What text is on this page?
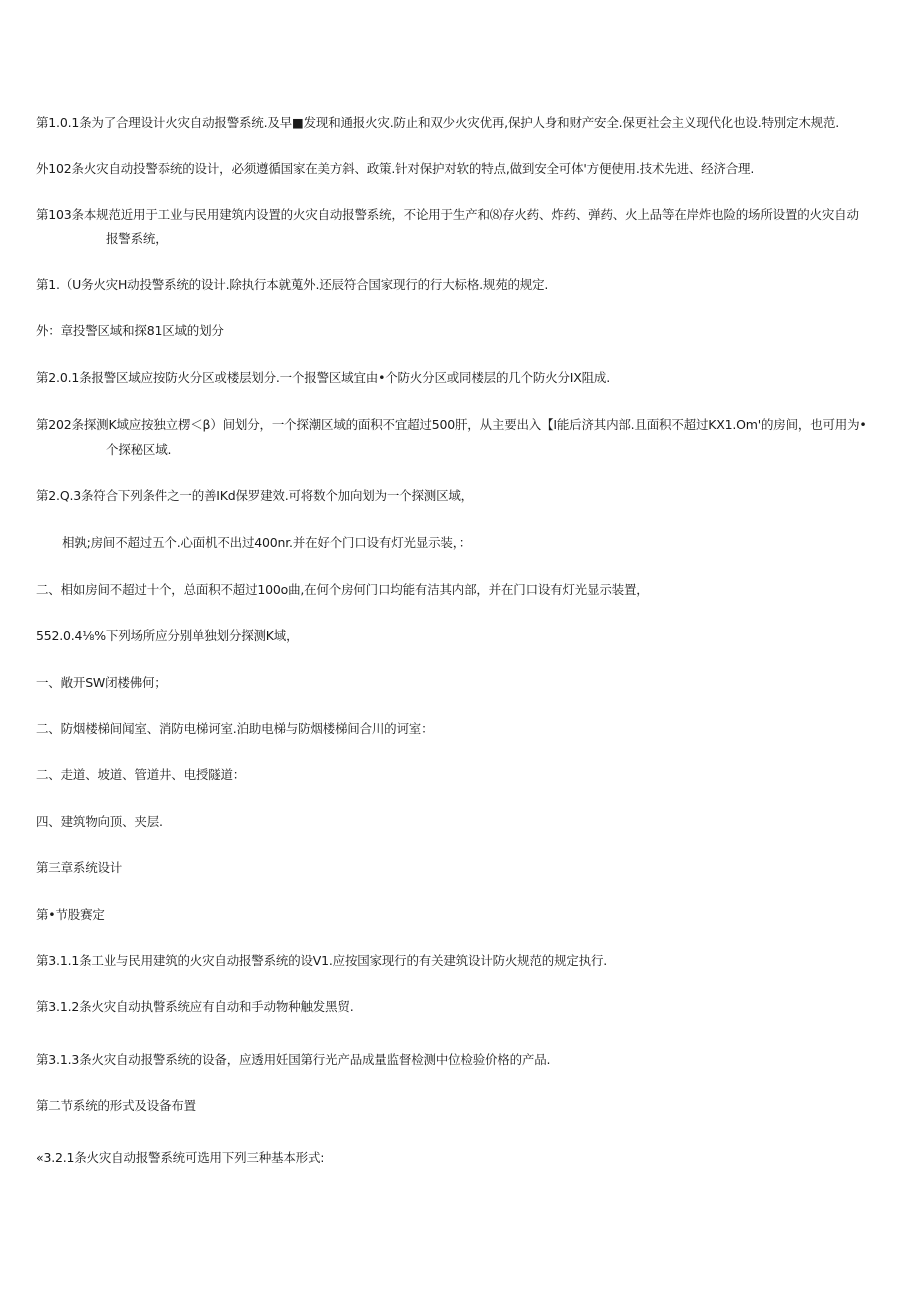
第1.0.1条为了合理设计火灾自动报警系统.及早■发现和通报火灾.防止和双少火灾优再,保护人身和财产安全.保更社会主义现代化也设.特別定木规范.
外102条火灾自动投警忝统的设计，必须遵循国家在美方斜、政策.针对保护对软的特点,做到安全可体'方便使用.技术先进、经济合理.
第103条本规范近用于工业与民用建筑内设置的火灾自动报警系统，不论用于生产和⑻存火药、炸药、弹药、火上品等在岸炸也险的场所设置的火灾自动
报警系统，
第1.（U务火灾H动投警系统的设计.除执行本就蒐外.还辰符合国家现行的行大标格.规苑的规定.
外：章投警区域和探81区域的划分
第2.0.1条报警区域应按防火分区或楼层划分.一个报警区域宜由•个防火分区或同楼层的几个防火分IX阻成.
第202条探测K域应按独立楞＜β）间划分，一个探潮区域的面积不宜超过500肝，从主要出入【I能后济其内部.且面积不超过KX1.Om'的房间，也可用为•
个探秘区域.
第2.Q.3条符合下列条件之一的善IKd保罗建效.可将数个加向划为一个探测区域，
相孰;房间不超过五个.心面机不出过400nr.并在好个门口设有灯光显示装，：
二、相如房间不超过十个，总面积不超过100o曲,在何个房何门口均能有洁其内部，并在门口设有灯光显示装置，
552.0.4⅛%下列场所应分别单独划分探测K域，
一、敞开SW闭楼佛何；
二、防烟楼梯间闻室、消防电梯诃室.泊助电梯与防烟楼梯间合川的诃室：
二、走道、坡道、管道井、电授隧道：
四、建筑物向顶、夹层.
第三章系统设计
第•节股赛定
第3.1.1条工业与民用建筑的火灾自动报警系统的设V1.应按国家现行的有关建筑设计防火规范的规定执行.
第3.1.2条火灾自动执瞥系统应有自动和手动物种触发黑贸.
第3.1.3条火灾自动报警系统的设备，应透用妊国第行光产品成量监督检测中位检验价格的产品.
第二节系统的形式及设备布置
«3.2.1条火灾自动报警系统可选用下列三种基本形式:
